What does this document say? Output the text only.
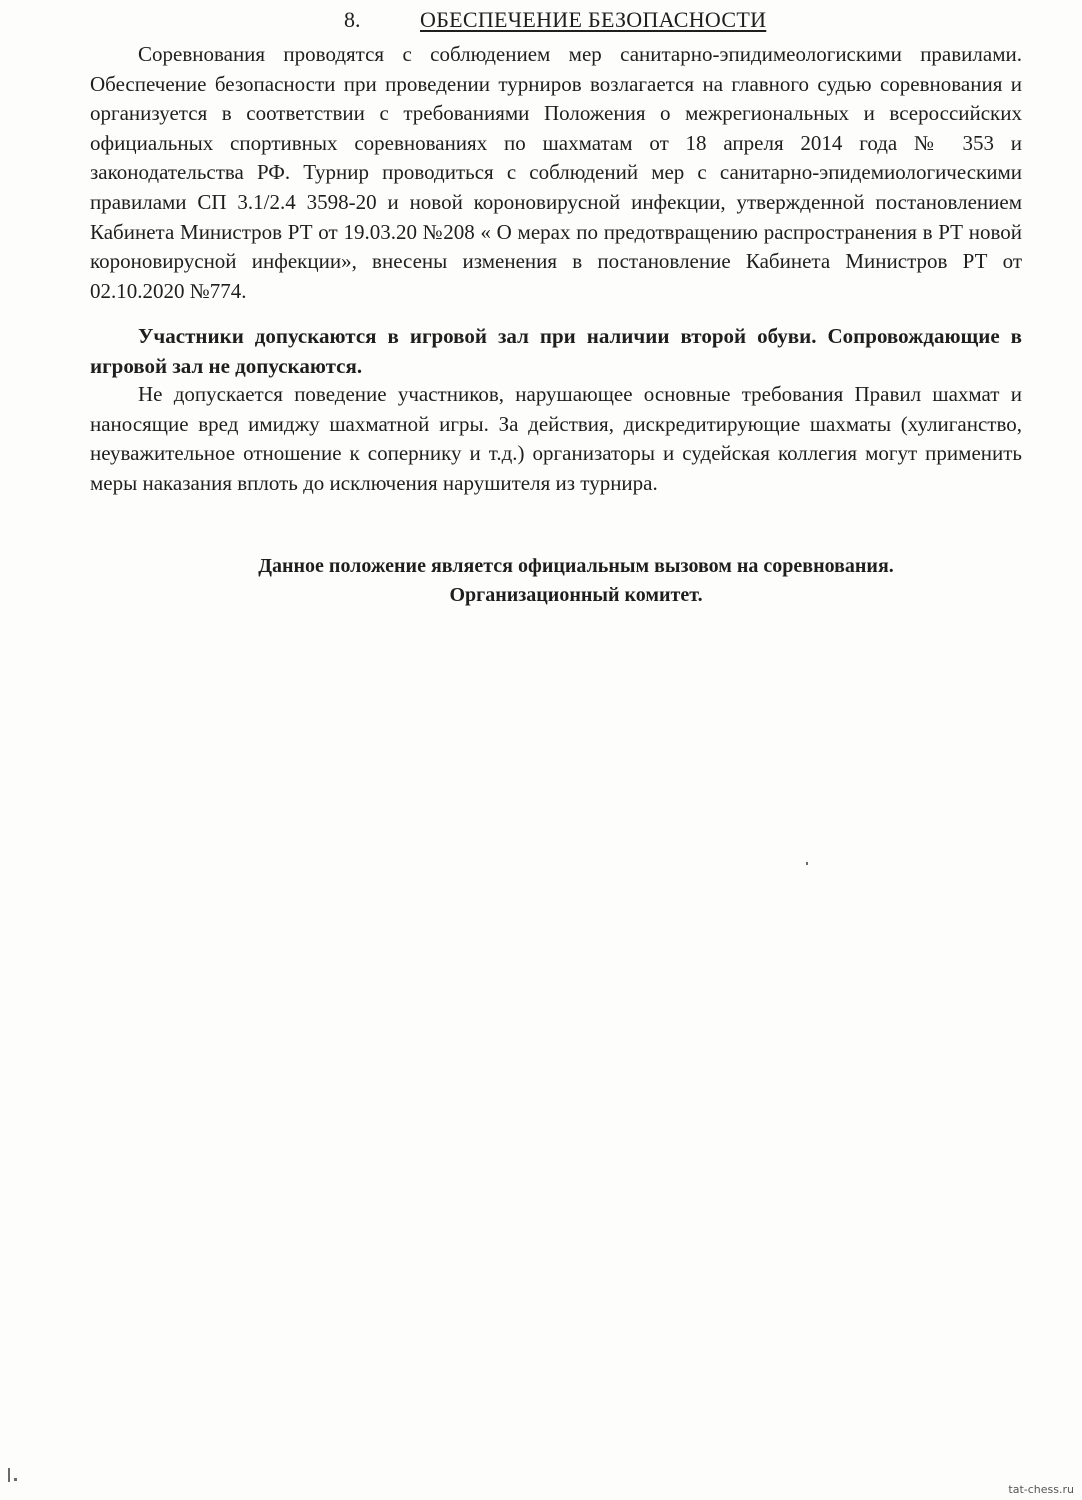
8.	ОБЕСПЕЧЕНИЕ БЕЗОПАСНОСТИ

Соревнования проводятся с соблюдением мер санитарно-эпидимеологискими правилами. Обеспечение безопасности при проведении турниров возлагается на главного судью соревнования и организуется в соответствии с требованиями Положения о межрегиональных и всероссийских официальных спортивных соревнованиях по шахматам от 18 апреля 2014 года № 353 и законодательства РФ. Турнир проводиться с соблюдений мер с санитарно-эпидемиологическими правилами СП 3.1/2.4 3598-20 и новой короновирусной инфекции, утвержденной постановлением Кабинета Министров РТ от 19.03.20 №208 « О мерах по предотвращению распространения в РТ новой короновирусной инфекции», внесены изменения в постановление Кабинета Министров РТ от 02.10.2020 №774.

Участники допускаются в игровой зал при наличии второй обуви. Сопровождающие в игровой зал не допускаются.

Не допускается поведение участников, нарушающее основные требования Правил шахмат и наносящие вред имиджу шахматной игры. За действия, дискредитирующие шахматы (хулиганство, неуважительное отношение к сопернику и т.д.) организаторы и судейская коллегия могут применить меры наказания вплоть до исключения нарушителя из турнира.

Данное положение является официальным вызовом на соревнования.

Организационный комитет.

tat-chess.ru
